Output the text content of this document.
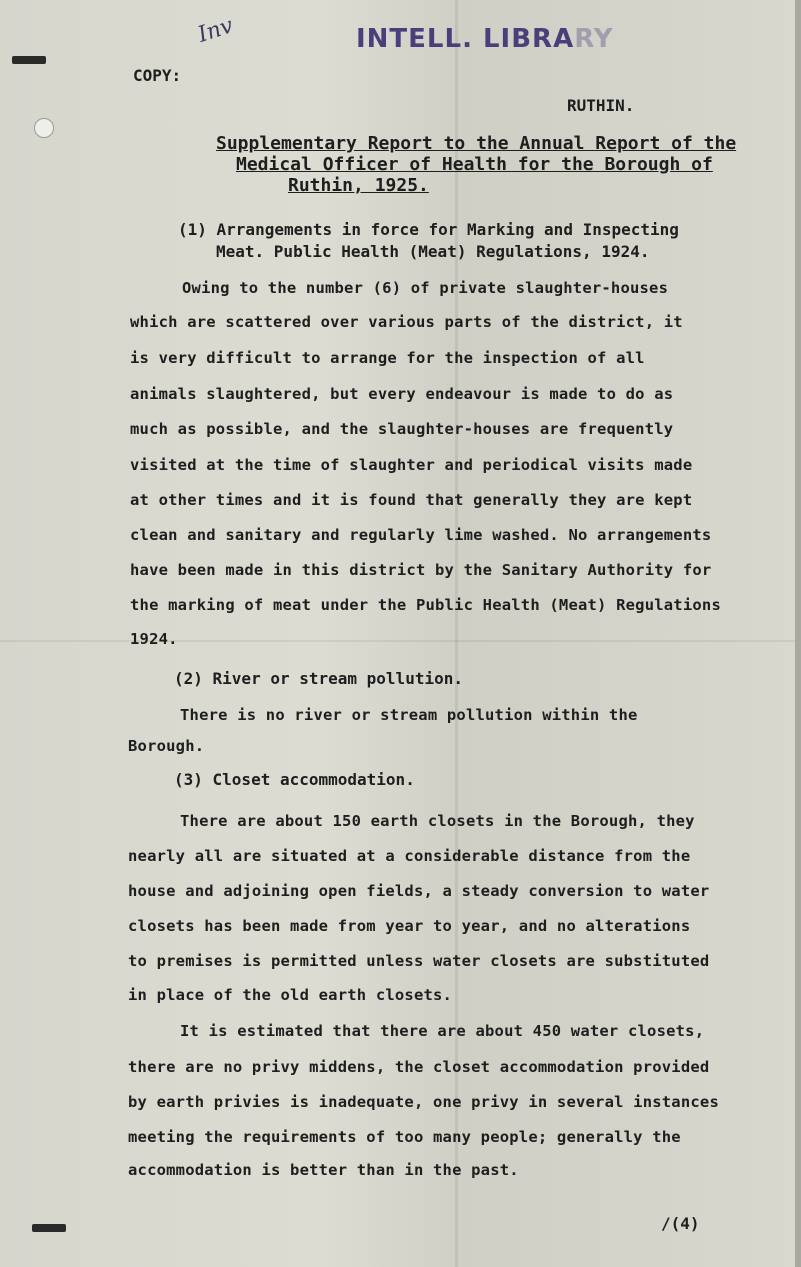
Inv	INTELL. LIBRARY
COPY:
RUTHIN.
Supplementary Report to the Annual Report of the
Medical Officer of Health for the Borough of
Ruthin, 1925.
(1) Arrangements in force for Marking and Inspecting
Meat. Public Health (Meat) Regulations, 1924.
Owing to the number (6) of private slaughter-houses
which are scattered over various parts of the district, it
is very difficult to arrange for the inspection of all
animals slaughtered, but every endeavour is made to do as
much as possible, and the slaughter-houses are frequently
visited at the time of slaughter and periodical visits made
at other times and it is found that generally they are kept
clean and sanitary and regularly lime washed. No arrangements
have been made in this district by the Sanitary Authority for
the marking of meat under the Public Health (Meat) Regulations
1924.
(2) River or stream pollution.
There is no river or stream pollution within the
Borough.
(3) Closet accommodation.
There are about 150 earth closets in the Borough, they
nearly all are situated at a considerable distance from the
house and adjoining open fields, a steady conversion to water
closets has been made from year to year, and no alterations
to premises is permitted unless water closets are substituted
in place of the old earth closets.
It is estimated that there are about 450 water closets,
there are no privy middens, the closet accommodation provided
by earth privies is inadequate, one privy in several instances
meeting the requirements of too many people; generally the
accommodation is better than in the past.
/(4)
